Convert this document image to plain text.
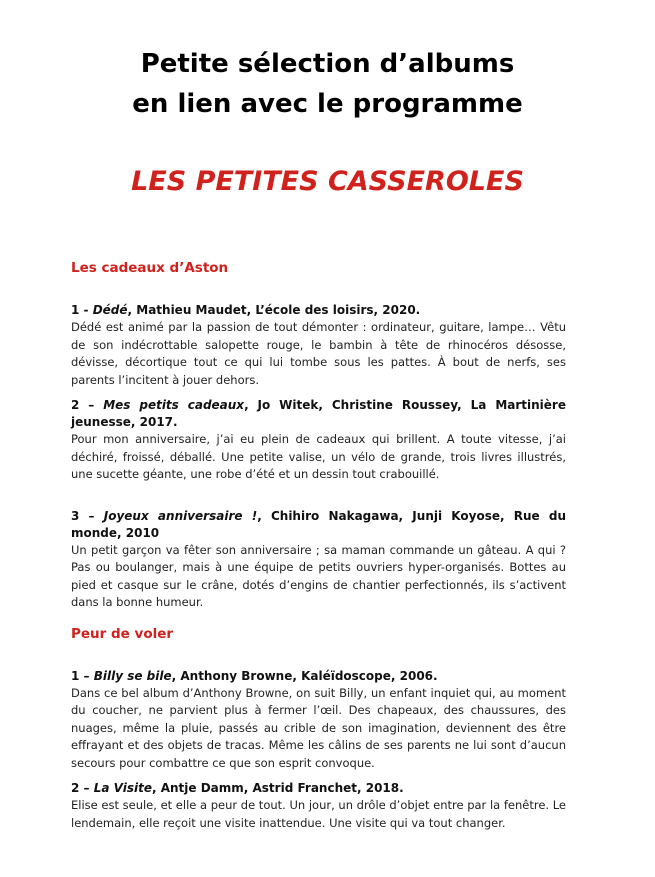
Petite sélection d’albums
en lien avec le programme
LES PETITES CASSEROLES

Les cadeaux d’Aston

1 - Dédé, Mathieu Maudet, L’école des loisirs, 2020.

Dédé est animé par la passion de tout démonter : ordinateur, guitare, lampe… Vêtu de son indécrottable salopette rouge, le bambin à tête de rhinocéros désosse, dévisse, décortique tout ce qui lui tombe sous les pattes. À bout de nerfs, ses parents l’incitent à jouer dehors.

2 – Mes petits cadeaux, Jo Witek, Christine Roussey, La Martinière jeunesse, 2017.

Pour mon anniversaire, j’ai eu plein de cadeaux qui brillent. A toute vitesse, j’ai déchiré, froissé, déballé. Une petite valise, un vélo de grande, trois livres illustrés, une sucette géante, une robe d’été et un dessin tout crabouillé.

3 – Joyeux anniversaire !, Chihiro Nakagawa, Junji Koyose, Rue du monde, 2010

Un petit garçon va fêter son anniversaire ; sa maman commande un gâteau. A qui ? Pas ou boulanger, mais à une équipe de petits ouvriers hyper-organisés. Bottes au pied et casque sur le crâne, dotés d’engins de chantier perfectionnés, ils s’activent dans la bonne humeur.

Peur de voler

1 – Billy se bile, Anthony Browne, Kaléïdoscope, 2006.

Dans ce bel album d’Anthony Browne, on suit Billy, un enfant inquiet qui, au moment du coucher, ne parvient plus à fermer l’œil. Des chapeaux, des chaussures, des nuages, même la pluie, passés au crible de son imagination, deviennent des être effrayant et des objets de tracas. Même les câlins de ses parents ne lui sont d’aucun secours pour combattre ce que son esprit convoque.

2 – La Visite, Antje Damm, Astrid Franchet, 2018.

Elise est seule, et elle a peur de tout. Un jour, un drôle d’objet entre par la fenêtre. Le lendemain, elle reçoit une visite inattendue. Une visite qui va tout changer.
